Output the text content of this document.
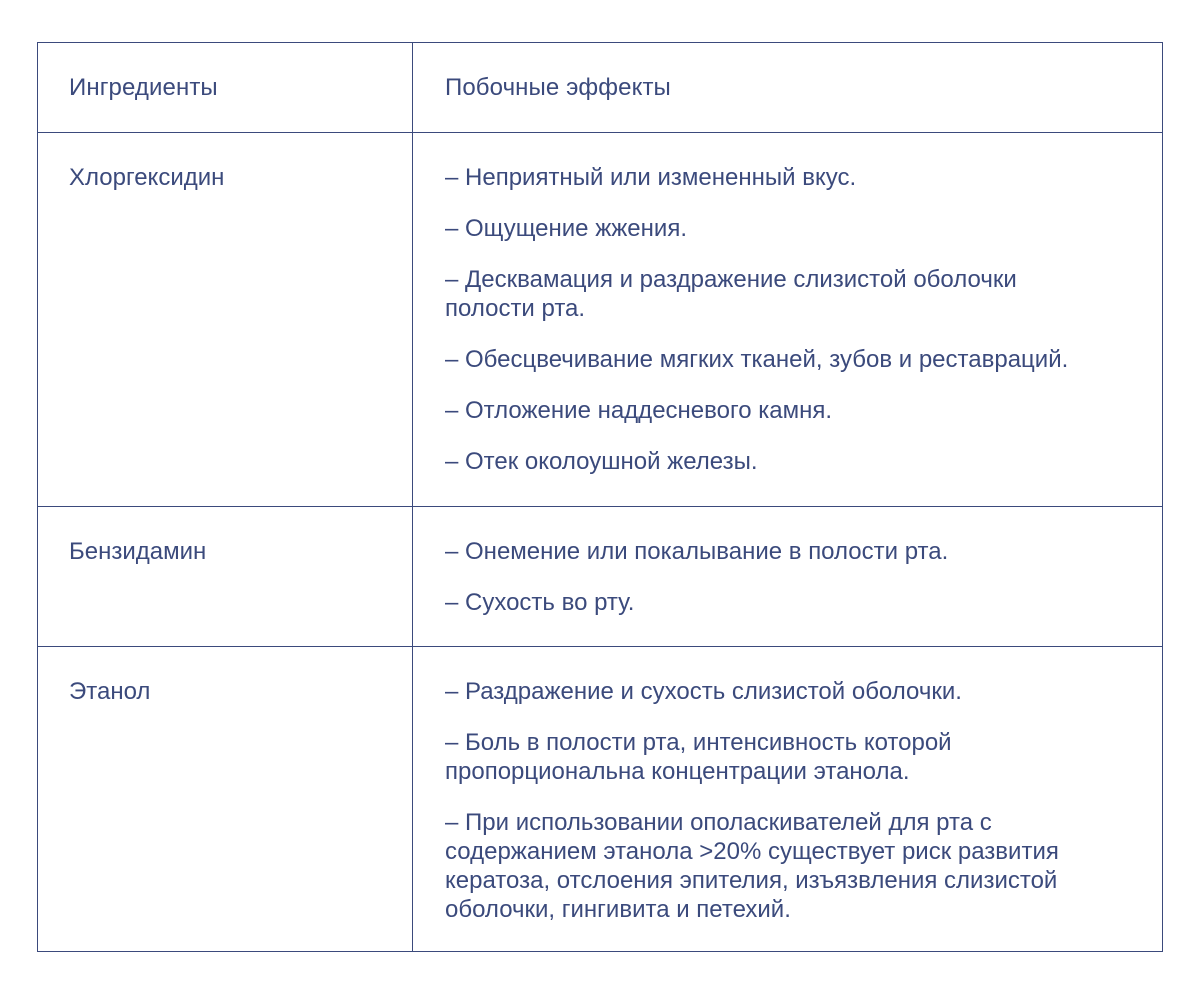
Ингредиенты	Побочные эффекты
Хлоргексидин	– Неприятный или измененный вкус.

– Ощущение жжения.

– Десквамация и раздражение слизистой оболочки полости рта.

– Обесцвечивание мягких тканей, зубов и реставраций.

– Отложение наддесневого камня.

– Отек околоушной железы.

Бензидамин	– Онемение или покалывание в полости рта.

– Сухость во рту.

Этанол	– Раздражение и сухость слизистой оболочки.

– Боль в полости рта, интенсивность которой пропорциональна концентрации этанола.

– При использовании ополаскивателей для рта с содержанием этанола >20% существует риск развития кератоза, отслоения эпителия, изъязвления слизистой оболочки, гингивита и петехий.
